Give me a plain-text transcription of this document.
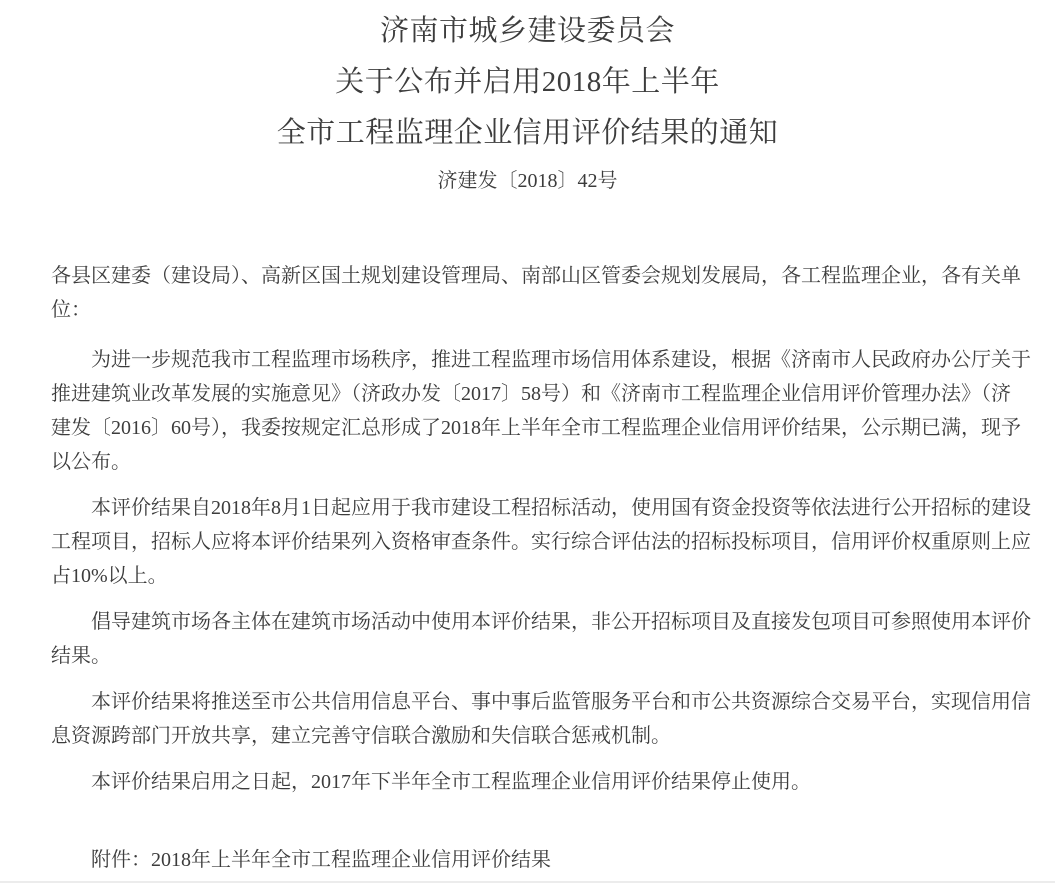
济南市城乡建设委员会
关于公布并启用2018年上半年
全市工程监理企业信用评价结果的通知
济建发〔2018〕42号
各县区建委（建设局）、高新区国土规划建设管理局、南部山区管委会规划发展局，各工程监理企业，各有关单
位：
为进一步规范我市工程监理市场秩序，推进工程监理市场信用体系建设，根据《济南市人民政府办公厅关于
推进建筑业改革发展的实施意见》（济政办发〔2017〕58号）和《济南市工程监理企业信用评价管理办法》（济
建发〔2016〕60号），我委按规定汇总形成了2018年上半年全市工程监理企业信用评价结果，公示期已满，现予
以公布。
本评价结果自2018年8月1日起应用于我市建设工程招标活动，使用国有资金投资等依法进行公开招标的建设
工程项目，招标人应将本评价结果列入资格审查条件。实行综合评估法的招标投标项目，信用评价权重原则上应
占10%以上。
倡导建筑市场各主体在建筑市场活动中使用本评价结果，非公开招标项目及直接发包项目可参照使用本评价
结果。
本评价结果将推送至市公共信用信息平台、事中事后监管服务平台和市公共资源综合交易平台，实现信用信
息资源跨部门开放共享，建立完善守信联合激励和失信联合惩戒机制。
本评价结果启用之日起，2017年下半年全市工程监理企业信用评价结果停止使用。
附件：2018年上半年全市工程监理企业信用评价结果
